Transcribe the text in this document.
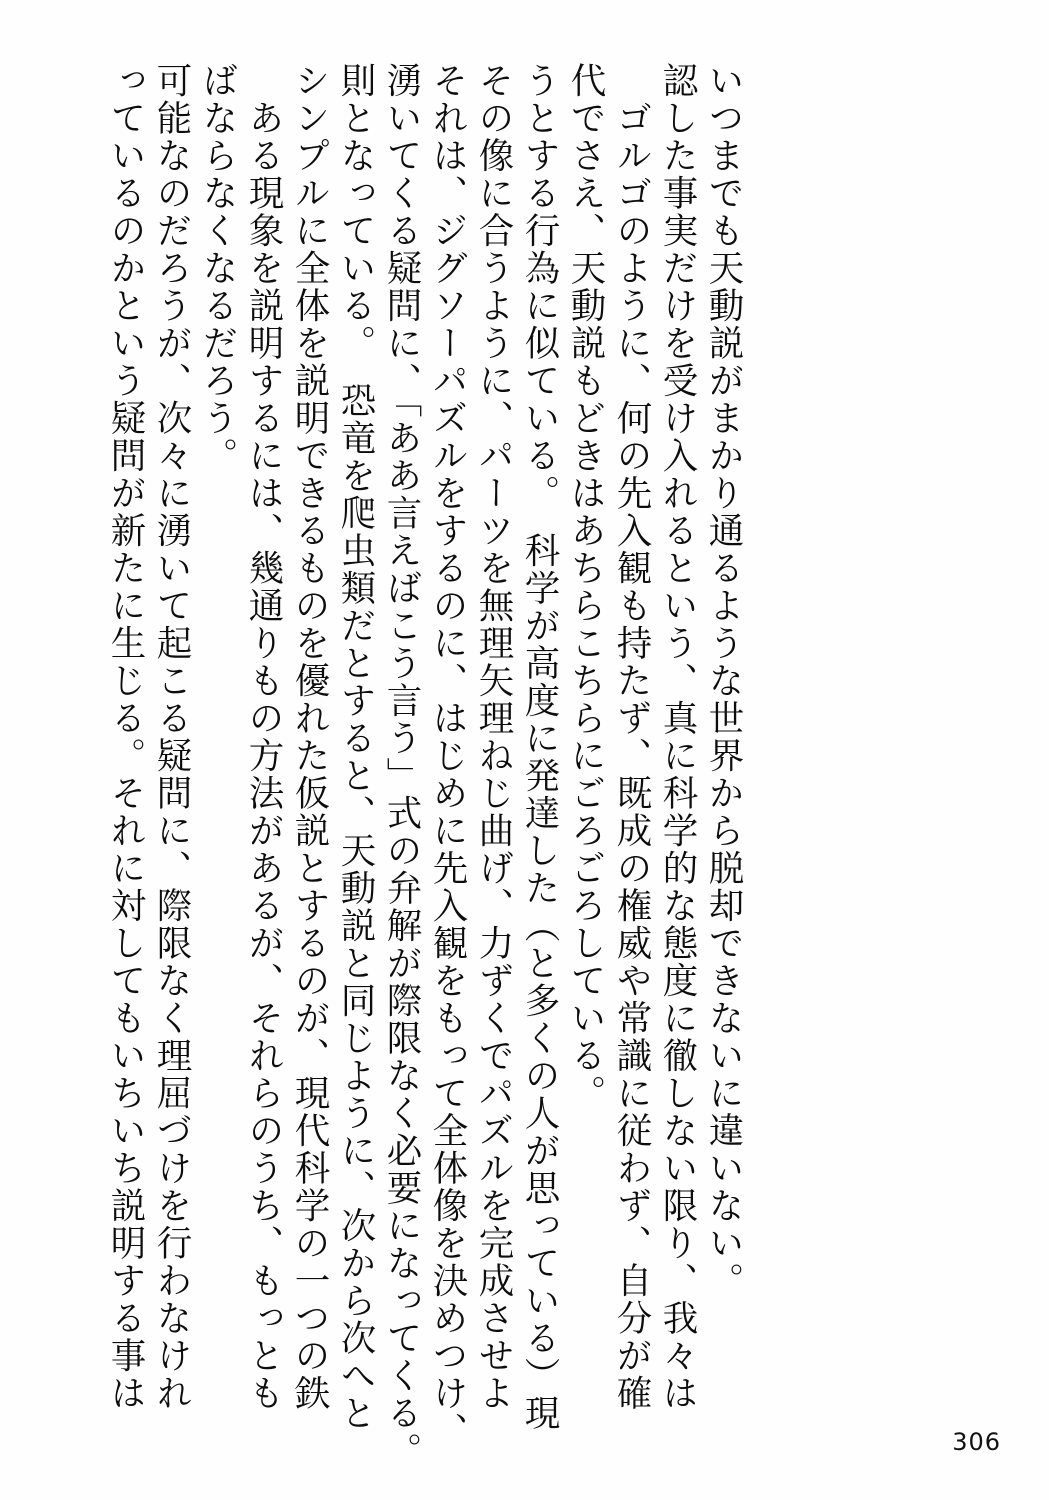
っているのかという疑問が新たに生じる。それに対してもいちいち説明する事は 可能なのだろうが、次々に湧いて起こる疑問に、際限なく理屈づけを行わなけれ ばならなくなるだろう。 　ある現象を説明するには、幾通りもの方法があるが、それらのうち、もっとも シンプルに全体を説明できるものを優れた仮説とするのが、現代科学の一つの鉄 則となっている。　恐竜を爬虫類だとすると、天動説と同じように、次から次へと 湧いてくる疑問に、「ああ言えばこう言う」式の弁解が際限なく必要になってくる。 それは、ジグソーパズルをするのに、はじめに先入観をもって全体像を決めつけ、 その像に合うように、パーツを無理矢理ねじ曲げ、力ずくでパズルを完成させよ うとする行為に似ている。　科学が高度に発達した（と多くの人が思っている）現 代でさえ、天動説もどきはあちらこちらにごろごろしている。 　ゴルゴのように、何の先入観も持たず、既成の権威や常識に従わず、自分が確 認した事実だけを受け入れるという、真に科学的な態度に徹しない限り、我々は いつまでも天動説がまかり通るような世界から脱却できないに違いない。
306
